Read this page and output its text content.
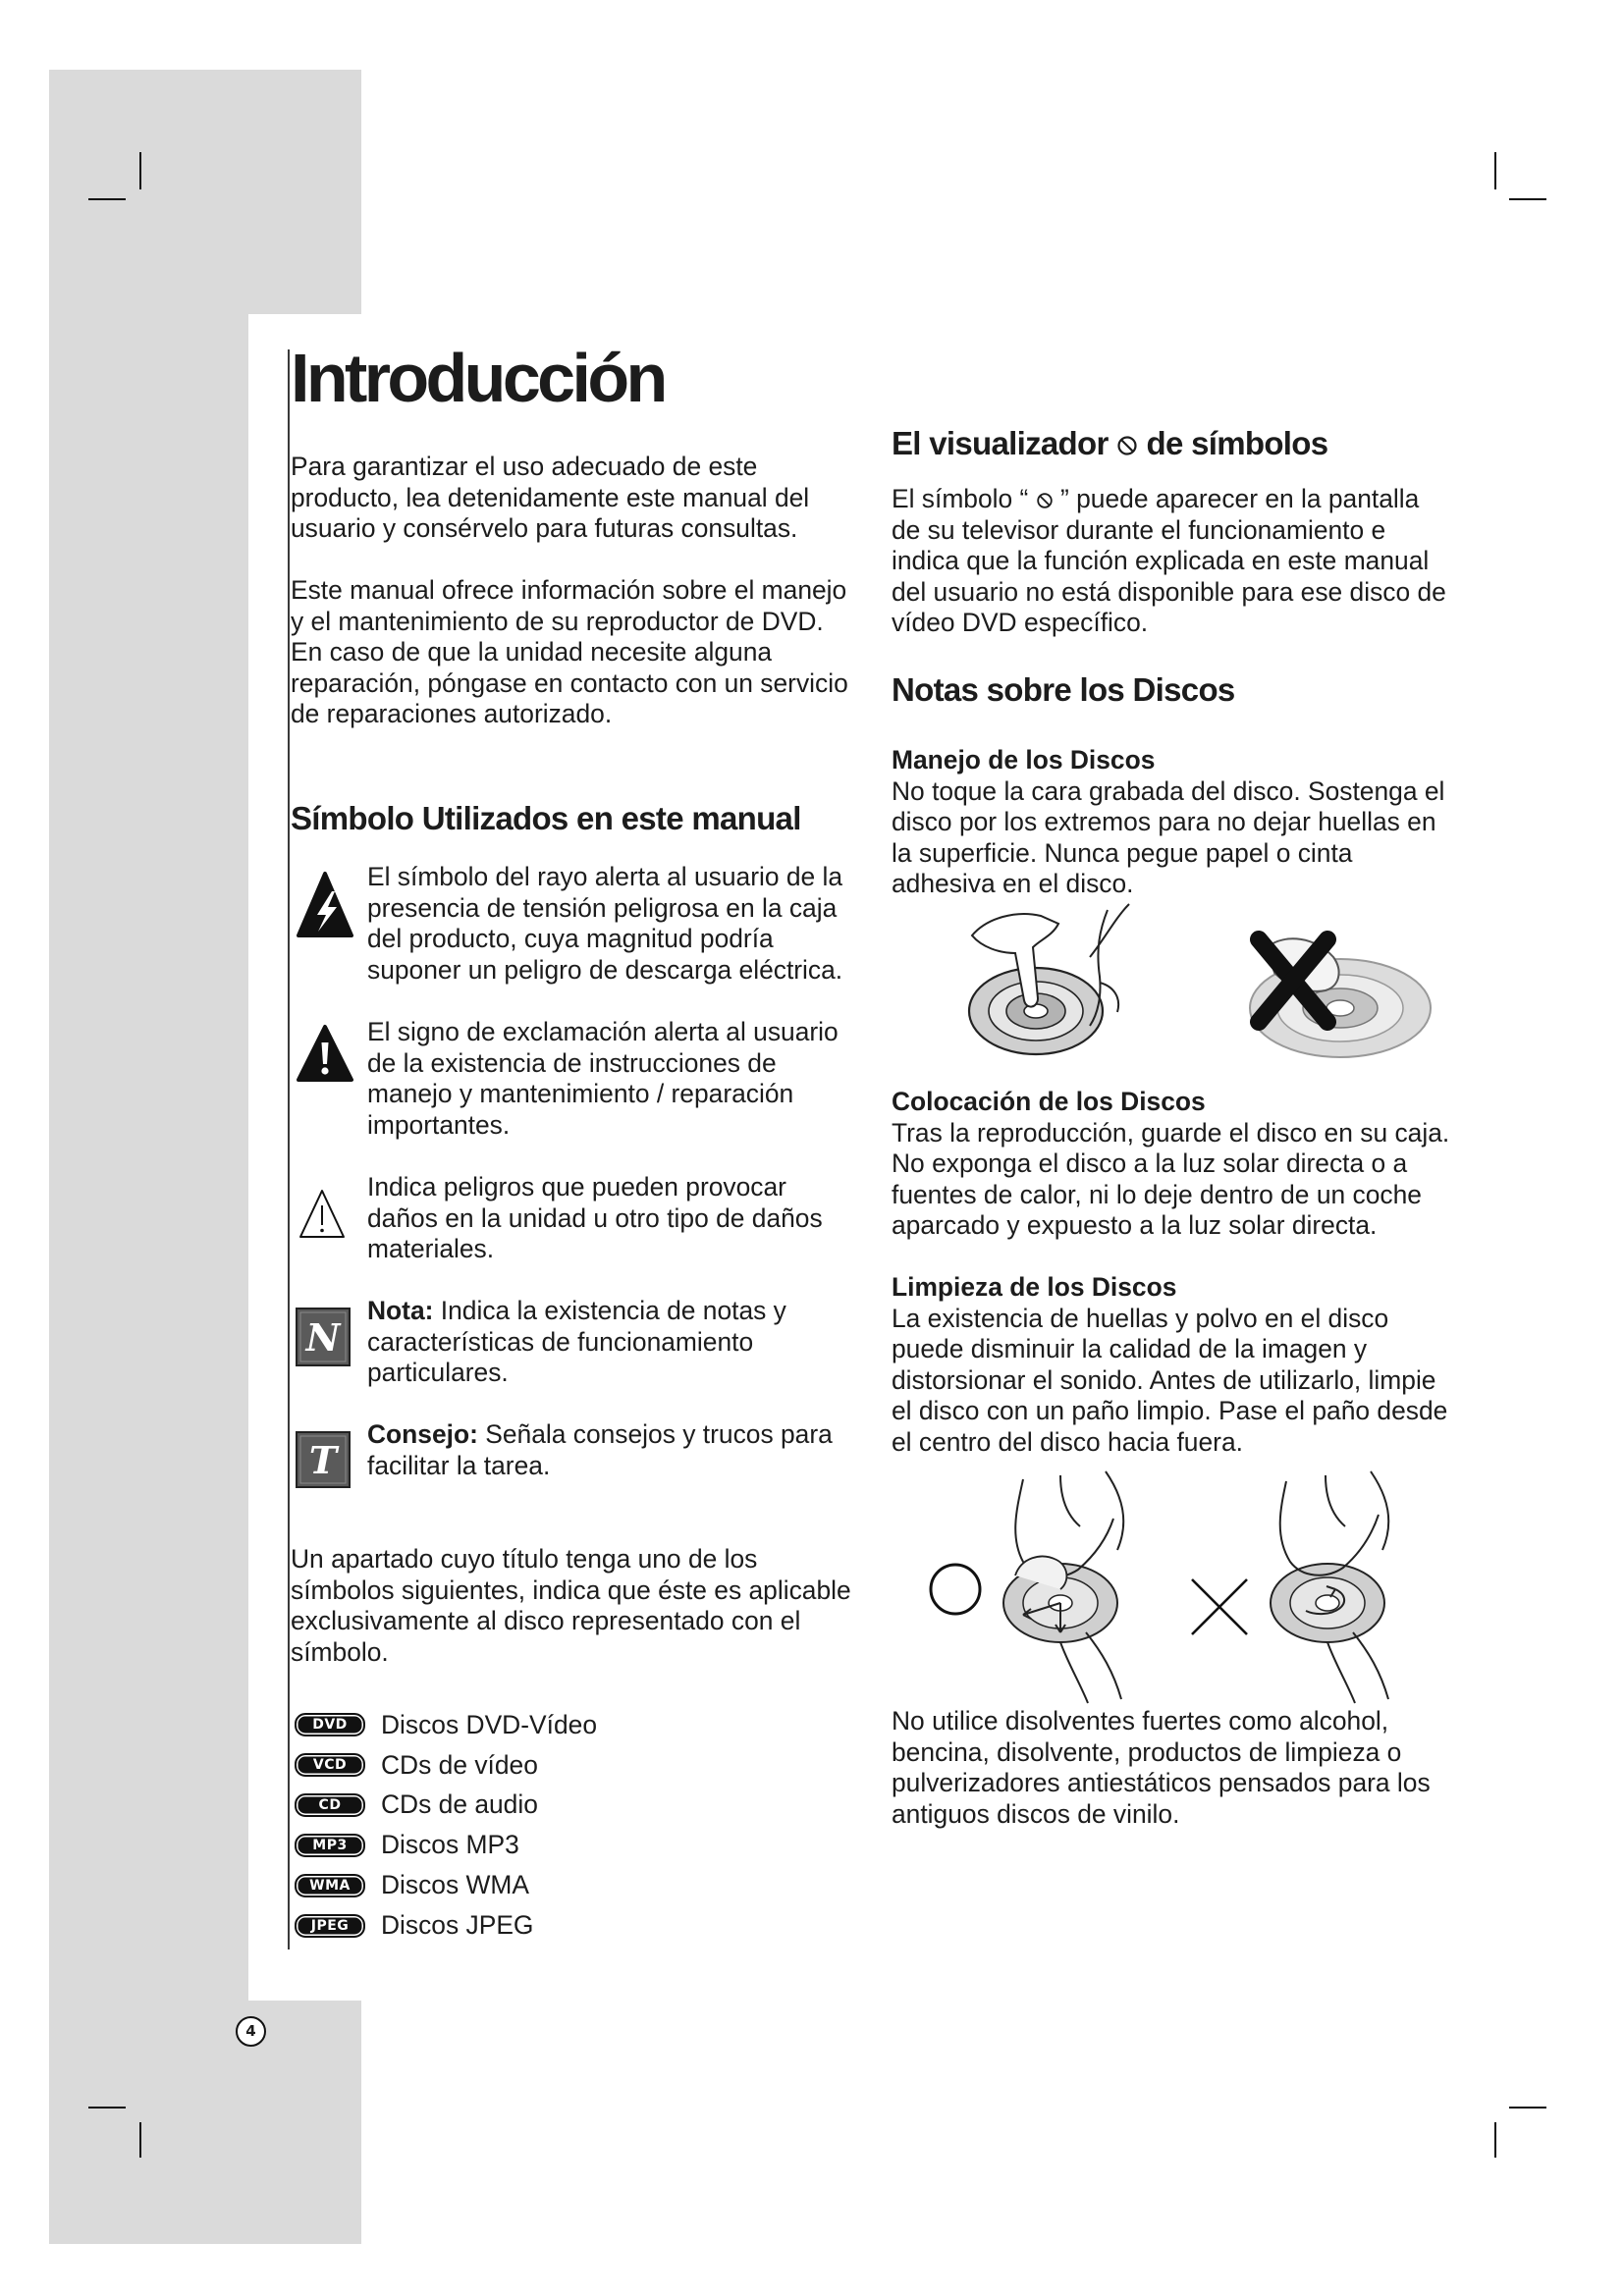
Introducción
Para garantizar el uso adecuado de este
producto, lea detenidamente este manual del
usuario y consérvelo para futuras consultas.
Este manual ofrece información sobre el manejo
y el mantenimiento de su reproductor de DVD.
En caso de que la unidad necesite alguna
reparación, póngase en contacto con un servicio
de reparaciones autorizado.
Símbolo Utilizados en este manual
El símbolo del rayo alerta al usuario de la
presencia de tensión peligrosa en la caja
del producto, cuya magnitud podría
suponer un peligro de descarga eléctrica.
El signo de exclamación alerta al usuario
de la existencia de instrucciones de
manejo y mantenimiento / reparación
importantes.
Indica peligros que pueden provocar
daños en la unidad u otro tipo de daños
materiales.
N
Nota: Indica la existencia de notas y
características de funcionamiento
particulares.
T
Consejo: Señala consejos y trucos para
facilitar la tarea.
Un apartado cuyo título tenga uno de los
símbolos siguientes, indica que éste es aplicable
exclusivamente al disco representado con el
símbolo.
DVD	Discos DVD-Vídeo
VCD	CDs de vídeo
CD	CDs de audio
MP3	Discos MP3
WMA	Discos WMA
JPEG	Discos JPEG
4
El visualizador de símbolos
El símbolo “  ” puede aparecer en la pantalla
de su televisor durante el funcionamiento e
indica que la función explicada en este manual
del usuario no está disponible para ese disco de
vídeo DVD específico.
Notas sobre los Discos
Manejo de los Discos
No toque la cara grabada del disco. Sostenga el
disco por los extremos para no dejar huellas en
la superficie. Nunca pegue papel o cinta
adhesiva en el disco.
Colocación de los Discos
Tras la reproducción, guarde el disco en su caja.
No exponga el disco a la luz solar directa o a
fuentes de calor, ni lo deje dentro de un coche
aparcado y expuesto a la luz solar directa.
Limpieza de los Discos
La existencia de huellas y polvo en el disco
puede disminuir la calidad de la imagen y
distorsionar el sonido. Antes de utilizarlo, limpie
el disco con un paño limpio. Pase el paño desde
el centro del disco hacia fuera.
No utilice disolventes fuertes como alcohol,
bencina, disolvente, productos de limpieza o
pulverizadores antiestáticos pensados para los
antiguos discos de vinilo.
